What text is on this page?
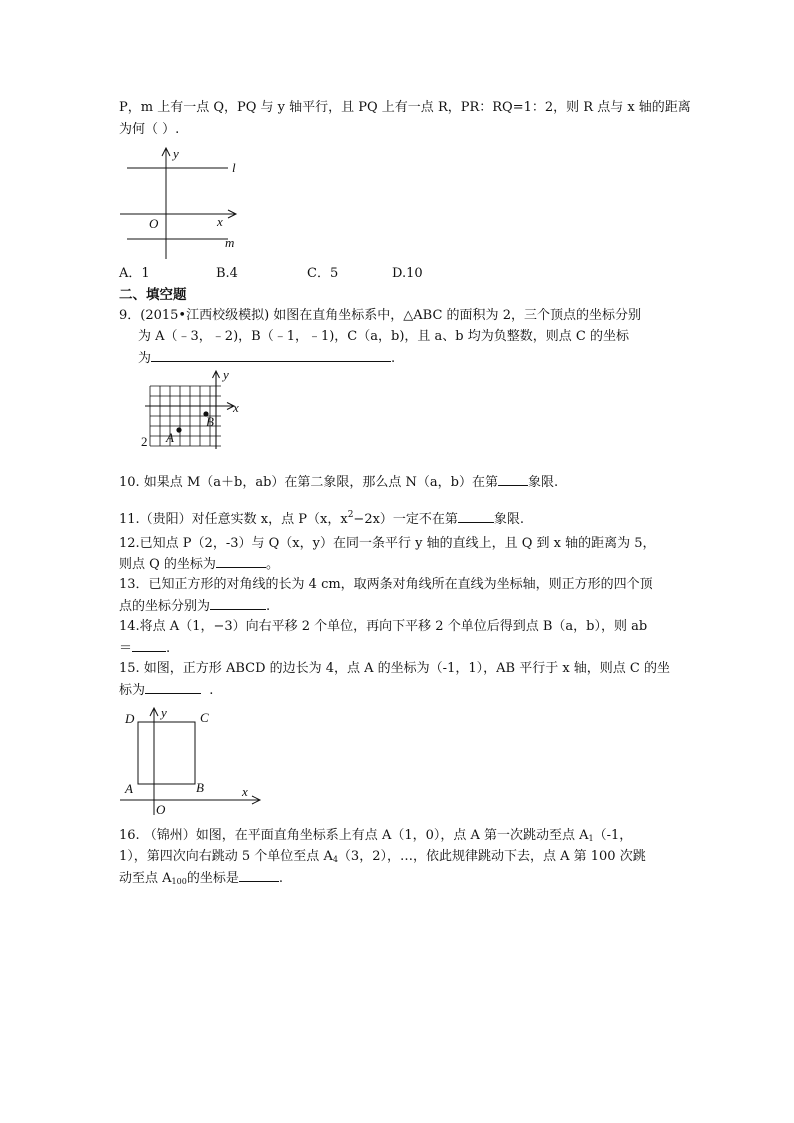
P，m 上有一点 Q，PQ 与 y 轴平行，且 PQ 上有一点 R，PR：RQ=1：2，则 R 点与 x 轴的距离
为何（ ）.
y
l
x
O
m
A．1	B.4	C．5	D.10
二、填空题
9．(2015•江西校级模拟) 如图在直角坐标系中，△ABC 的面积为 2，三个顶点的坐标分别
为 A（﹣3，﹣2)，B（﹣1，﹣1)，C（a，b)，且 a、b 均为负整数，则点 C 的坐标
为	.
y
x
A
B
2
10. 如果点 M（a＋b，ab）在第二象限，那么点 N（a，b）在第 象限.
11.（贵阳）对任意实数 x，点 P（x，$x^2-2x$）一定不在第	象限.
12.已知点 P（2，-3）与 Q（x，y）在同一条平行 y 轴的直线上，且 Q 到 x 轴的距离为 5，
则点 Q 的坐标为	。
13．已知正方形的对角线的长为 4 cm，取两条对角线所在直线为坐标轴，则正方形的四个顶
点的坐标分别为	.
14.将点 A（1，−3）向右平移 2 个单位，再向下平移 2 个单位后得到点 B（a，b），则 ab
＝	.
15. 如图，正方形 ABCD 的边长为 4，点 A 的坐标为（-1，1），AB 平行于 x 轴，则点 C 的坐
标为	.
D y	C
A	B	x
O
16. （锦州）如图，在平面直角坐标系上有点 A（1，0），点 A 第一次跳动至点 $A_1(-1$，
1），第四次向右跳动 5 个单位至点 $A_4(3$，2），…，依此规律跳动下去，点 A 第 100 次跳
动至点 $A_{100}$的坐标是	.
